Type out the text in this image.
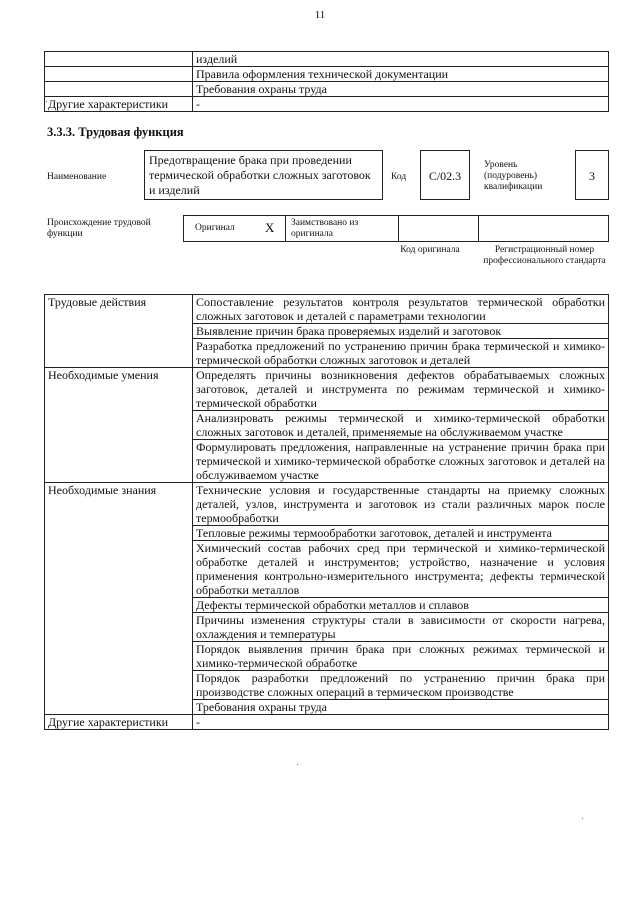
11
	изделий
	Правила оформления технической документации
	Требования охраны труда
Другие характеристики	-
3.3.3. Трудовая функция
Наименование
Предотвращение брака при проведении термической обработки сложных заготовок и изделий
Код	С/02.3
Уровень (подуровень) квалификации
3
Происхождение трудовой функции
Оригинал Х Заимствовано из оригинала
Код оригинала	Регистрационный номер профессионального стандарта
Трудовые действия	Сопоставление результатов контроля результатов термической обработки сложных заготовок и деталей с параметрами технологии
	Выявление причин брака проверяемых изделий и заготовок
	Разработка предложений по устранению причин брака термической и химико-термической обработки сложных заготовок и деталей
Необходимые умения	Определять причины возникновения дефектов обрабатываемых сложных заготовок, деталей и инструмента по режимам термической и химико-термической обработки
	Анализировать режимы термической и химико-термической обработки сложных заготовок и деталей, применяемые на обслуживаемом участке
	Формулировать предложения, направленные на устранение причин брака при термической и химико-термической обработке сложных заготовок и деталей на обслуживаемом участке
Необходимые знания	Технические условия и государственные стандарты на приемку сложных деталей, узлов, инструмента и заготовок из стали различных марок после термообработки
	Тепловые режимы термообработки заготовок, деталей и инструмента
	Химический состав рабочих сред при термической и химико-термической обработке деталей и инструментов; устройство, назначение и условия применения контрольно-измерительного инструмента; дефекты термической обработки металлов
	Дефекты термической обработки металлов и сплавов
	Причины изменения структуры стали в зависимости от скорости нагрева, охлаждения и температуры
	Порядок выявления причин брака при сложных режимах термической и химико-термической обработке
	Порядок разработки предложений по устранению причин брака при производстве сложных операций в термическом производстве
	Требования охраны труда
Другие характеристики	-
